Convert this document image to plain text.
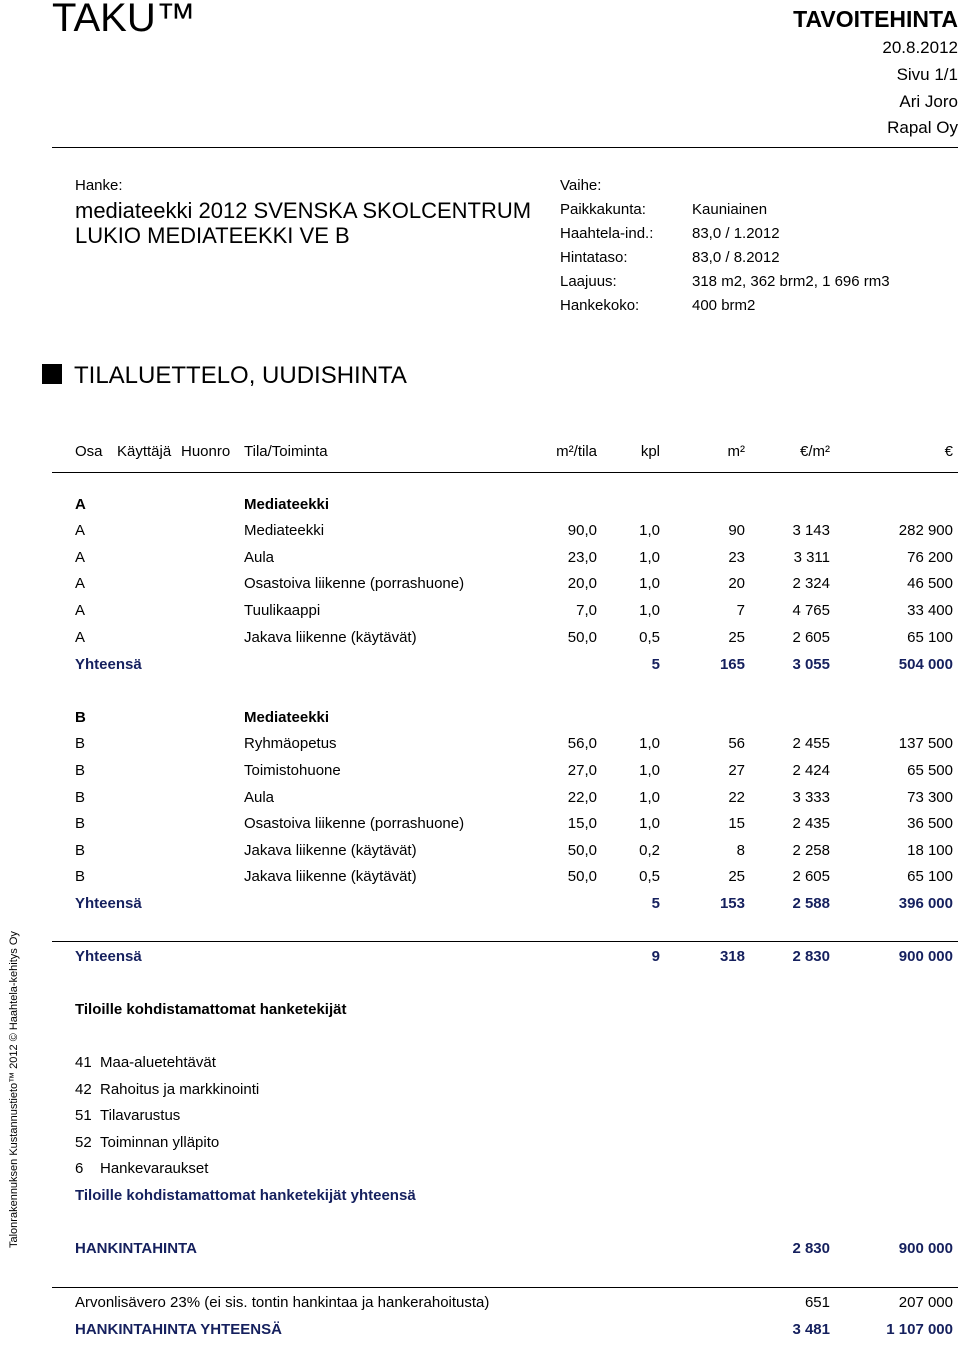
TAKU™	TAVOITEHINTA
20.8.2012
Sivu 1/1
Ari Joro
Rapal Oy
Hanke:
mediateekki 2012 SVENSKA SKOLCENTRUM LUKIO MEDIATEEKKI VE B
Vaihe:
Paikkakunta:	Kauniainen
Haahtela-ind.:	83,0 / 1.2012
Hintataso:	83,0 / 8.2012
Laajuus:	318 m2, 362 brm2, 1 696 rm3
Hankekoko:	400 brm2
TILALUETTELO, UUDISHINTA
Osa Käyttäjä Huonro Tila/Toiminta	m²/tila	kpl	m²	€/m²	€
A	Mediateekki
A	Mediateekki	90,0	1,0	90	3 143	282 900
A	Aula	23,0	1,0	23	3 311	76 200
A	Osastoiva liikenne (porrashuone)	20,0	1,0	20	2 324	46 500
A	Tuulikaappi	7,0	1,0	7	4 765	33 400
A	Jakava liikenne (käytävät)	50,0	0,5	25	2 605	65 100
Yhteensä	5	165	3 055	504 000
B	Mediateekki
B	Ryhmäopetus	56,0	1,0	56	2 455	137 500
B	Toimistohuone	27,0	1,0	27	2 424	65 500
B	Aula	22,0	1,0	22	3 333	73 300
B	Osastoiva liikenne (porrashuone)	15,0	1,0	15	2 435	36 500
B	Jakava liikenne (käytävät)	50,0	0,2	8	2 258	18 100
B	Jakava liikenne (käytävät)	50,0	0,5	25	2 605	65 100
Yhteensä	5	153	2 588	396 000
Yhteensä	9	318	2 830	900 000
Tiloille kohdistamattomat hanketekijät
41 Maa-aluetehtävät
42 Rahoitus ja markkinointi
51 Tilavarustus
52 Toiminnan ylläpito
6 Hankevaraukset
Tiloille kohdistamattomat hanketekijät yhteensä
HANKINTAHINTA	2 830	900 000
Arvonlisävero 23% (ei sis. tontin hankintaa ja hankerahoitusta)	651	207 000
HANKINTAHINTA YHTEENSÄ	3 481	1 107 000
Talonrakennuksen Kustannustieto™ 2012 © Haahtela-kehitys Oy
